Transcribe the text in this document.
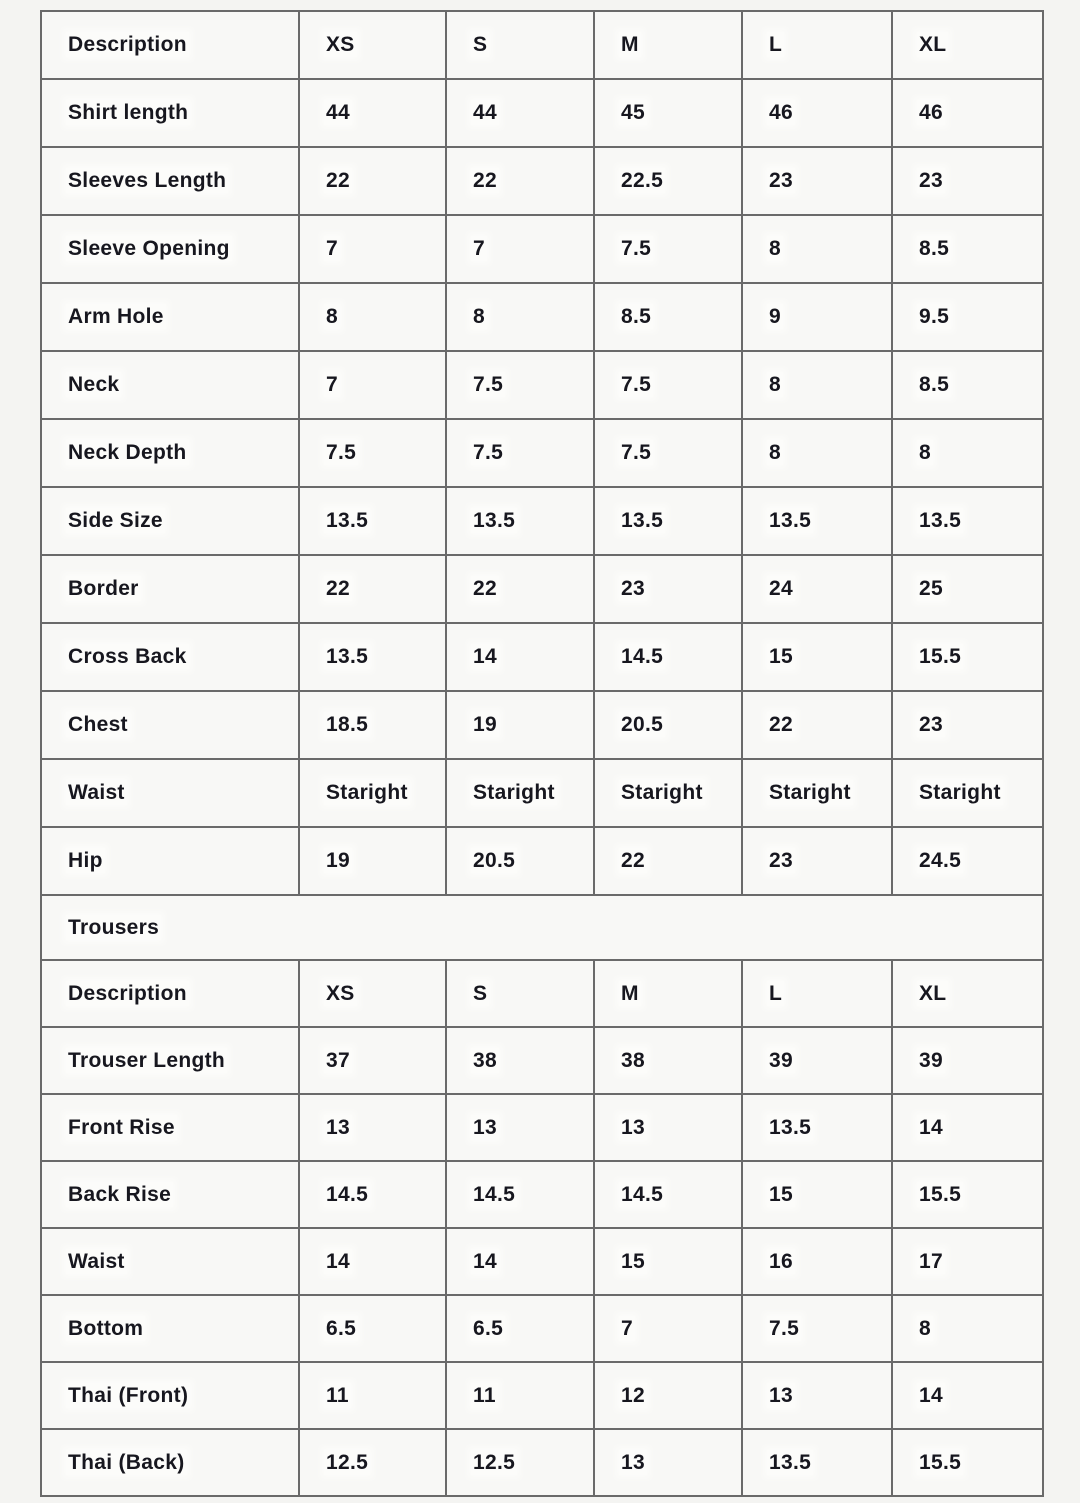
Description	XS	S	M	L	XL
Shirt length	44	44	45	46	46
Sleeves Length	22	22	22.5	23	23
Sleeve Opening	7	7	7.5	8	8.5
Arm Hole	8	8	8.5	9	9.5
Neck	7	7.5	7.5	8	8.5
Neck Depth	7.5	7.5	7.5	8	8
Side Size	13.5	13.5	13.5	13.5	13.5
Border	22	22	23	24	25
Cross Back	13.5	14	14.5	15	15.5
Chest	18.5	19	20.5	22	23
Waist	Staright	Staright	Staright	Staright	Staright
Hip	19	20.5	22	23	24.5
Trousers					
Description	XS	S	M	L	XL
Trouser Length	37	38	38	39	39
Front Rise	13	13	13	13.5	14
Back Rise	14.5	14.5	14.5	15	15.5
Waist	14	14	15	16	17
Bottom	6.5	6.5	7	7.5	8
Thai (Front)	11	11	12	13	14
Thai (Back)	12.5	12.5	13	13.5	15.5
